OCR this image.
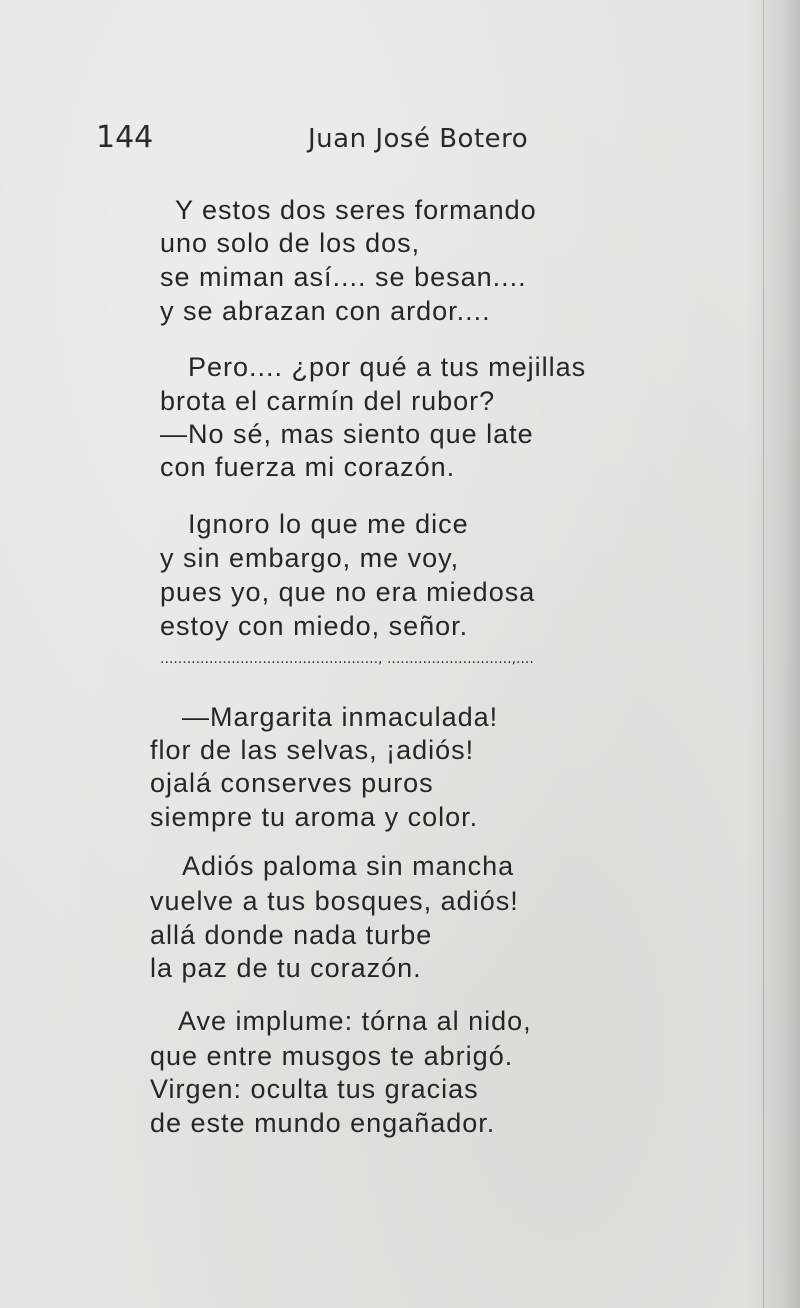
144	Juan José Botero
Y estos dos seres formando
uno solo de los dos,
se miman así.... se besan....
y se abrazan con ardor....
Pero.... ¿por qué a tus mejillas
brota el carmín del rubor?
—No sé, mas siento que late
con fuerza mi corazón.
Ignoro lo que me dice
y sin embargo, me voy,
pues yo, que no era miedosa
estoy con miedo, señor.
—Margarita inmaculada!
flor de las selvas, ¡adiós!
ojalá conserves puros
siempre tu aroma y color.
Adiós paloma sin mancha
vuelve a tus bosques, adiós!
allá donde nada turbe
la paz de tu corazón.
Ave implume: tórna al nido,
que entre musgos te abrigó.
Virgen: oculta tus gracias
de este mundo engañador.
................................................., ............................,....
